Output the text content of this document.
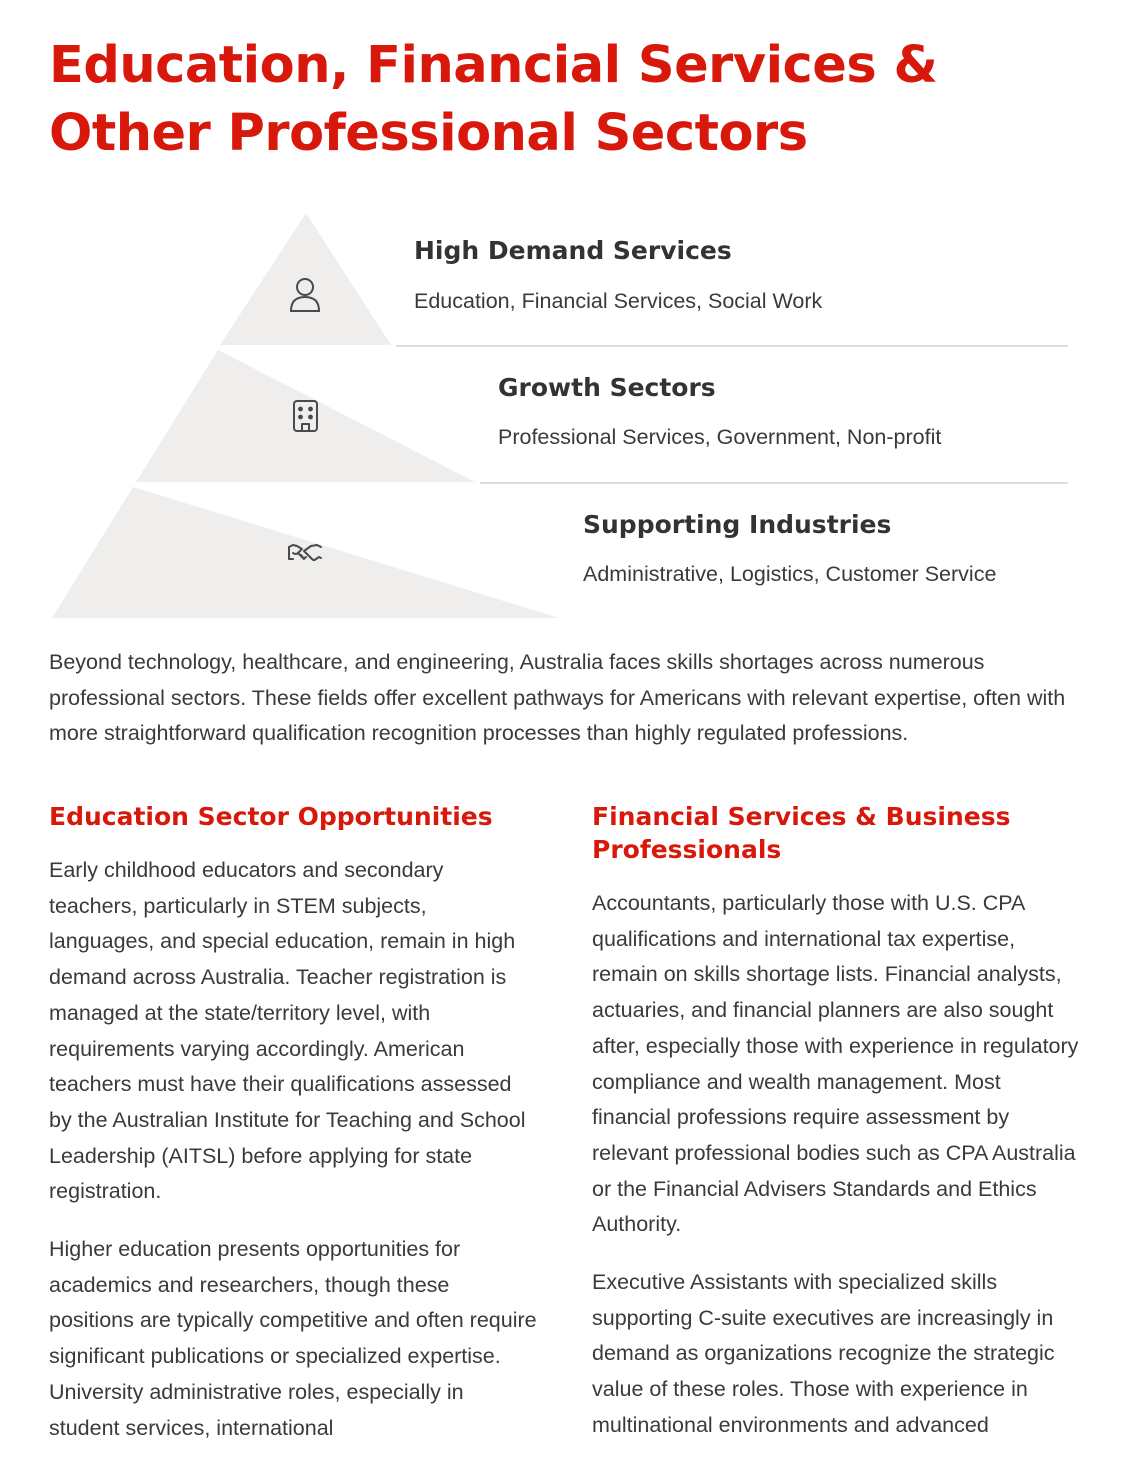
Education, Financial Services & Other Professional Sectors
High Demand Services

Education, Financial Services, Social Work

Growth Sectors

Professional Services, Government, Non-profit

Supporting Industries

Administrative, Logistics, Customer Service

Beyond technology, healthcare, and engineering, Australia faces skills shortages across numerous professional sectors. These fields offer excellent pathways for Americans with relevant expertise, often with more straightforward qualification recognition processes than highly regulated professions.

Education Sector Opportunities

Early childhood educators and secondary teachers, particularly in STEM subjects, languages, and special education, remain in high demand across Australia. Teacher registration is managed at the state/territory level, with requirements varying accordingly. American teachers must have their qualifications assessed by the Australian Institute for Teaching and School Leadership (AITSL) before applying for state registration.

Higher education presents opportunities for academics and researchers, though these positions are typically competitive and often require significant publications or specialized expertise. University administrative roles, especially in student services, international

Financial Services & Business Professionals

Accountants, particularly those with U.S. CPA qualifications and international tax expertise, remain on skills shortage lists. Financial analysts, actuaries, and financial planners are also sought after, especially those with experience in regulatory compliance and wealth management. Most financial professions require assessment by relevant professional bodies such as CPA Australia or the Financial Advisers Standards and Ethics Authority.

Executive Assistants with specialized skills supporting C-suite executives are increasingly in demand as organizations recognize the strategic value of these roles. Those with experience in multinational environments and advanced
